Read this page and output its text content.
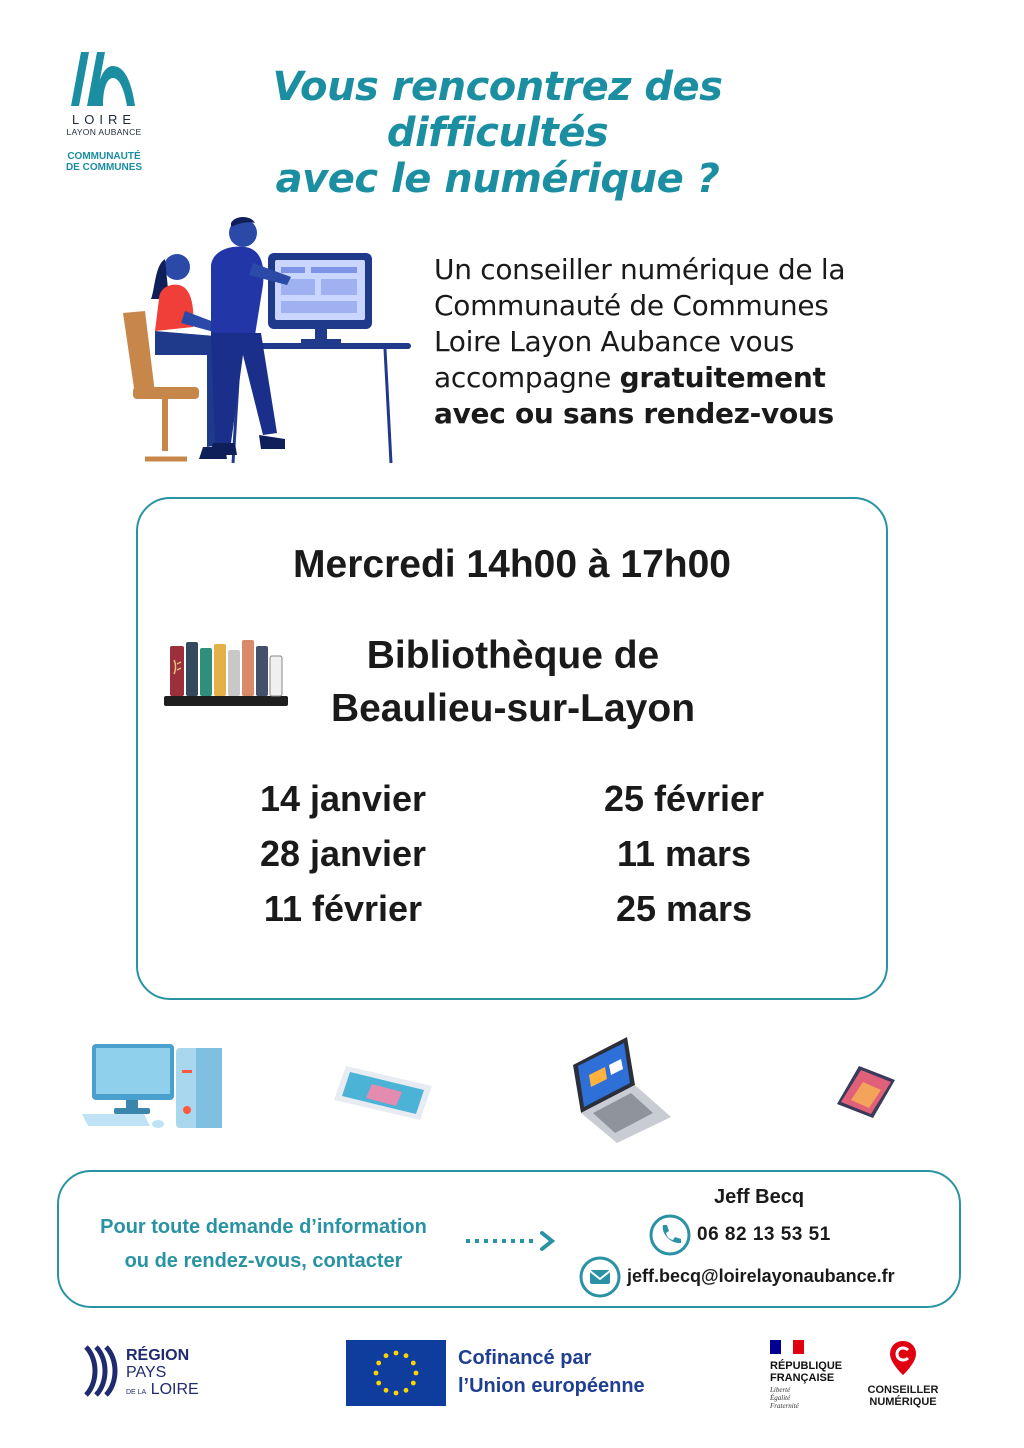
LOIRE
LAYON AUBANCE
COMMUNAUTÉ
DE COMMUNES
Vous rencontrez des difficultés
avec le numérique ?
Un conseiller numérique de la
Communauté de Communes
Loire Layon Aubance vous
accompagne gratuitement
avec ou sans rendez-vous
Mercredi 14h00 à 17h00
Bibliothèque de
Beaulieu-sur-Layon
14 janvier
28 janvier
11 février
25 février
11 mars
25 mars
Pour toute demande d’information
ou de rendez-vous, contacter
Jeff Becq
06 82 13 53 51
jeff.becq@loirelayonaubance.fr
RÉGION
PAYS
DE LA LOIRE
Cofinancé par
l’Union européenne
RÉPUBLIQUE
FRANÇAISE
Liberté
Égalité
Fraternité
CONSEILLER
NUMÉRIQUE
